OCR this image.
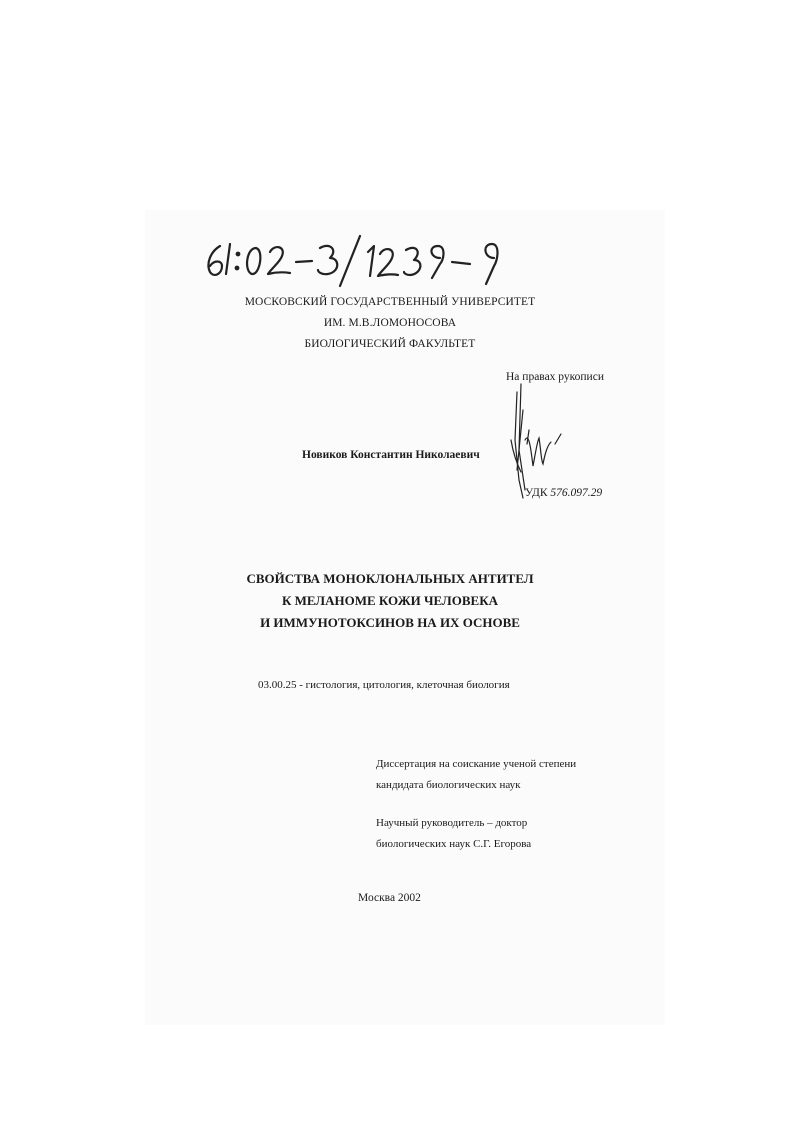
МОСКОВСКИЙ ГОСУДАРСТВЕННЫЙ УНИВЕРСИТЕТ
ИМ. М.В.ЛОМОНОСОВА
БИОЛОГИЧЕСКИЙ ФАКУЛЬТЕТ
На правах рукописи
Новиков Константин Николаевич
УДК 576.097.29
СВОЙСТВА МОНОКЛОНАЛЬНЫХ АНТИТЕЛ
К МЕЛАНОМЕ КОЖИ ЧЕЛОВЕКА
И ИММУНОТОКСИНОВ НА ИХ ОСНОВЕ
03.00.25 - гистология, цитология, клеточная биология
Диссертация на соискание ученой степени
кандидата биологических наук
Научный руководитель – доктор
биологических наук С.Г. Егорова
Москва 2002
